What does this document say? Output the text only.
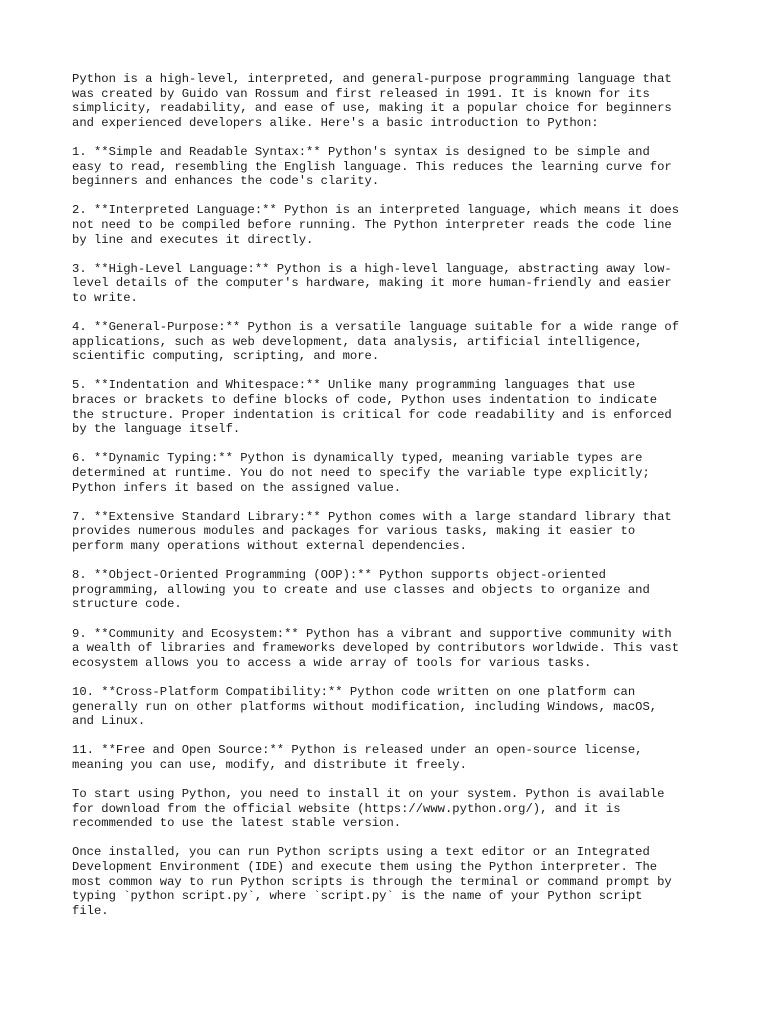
Python is a high-level, interpreted, and general-purpose programming language that
was created by Guido van Rossum and first released in 1991. It is known for its
simplicity, readability, and ease of use, making it a popular choice for beginners
and experienced developers alike. Here's a basic introduction to Python:

1. **Simple and Readable Syntax:** Python's syntax is designed to be simple and
easy to read, resembling the English language. This reduces the learning curve for
beginners and enhances the code's clarity.

2. **Interpreted Language:** Python is an interpreted language, which means it does
not need to be compiled before running. The Python interpreter reads the code line
by line and executes it directly.

3. **High-Level Language:** Python is a high-level language, abstracting away low-
level details of the computer's hardware, making it more human-friendly and easier
to write.

4. **General-Purpose:** Python is a versatile language suitable for a wide range of
applications, such as web development, data analysis, artificial intelligence,
scientific computing, scripting, and more.

5. **Indentation and Whitespace:** Unlike many programming languages that use
braces or brackets to define blocks of code, Python uses indentation to indicate
the structure. Proper indentation is critical for code readability and is enforced
by the language itself.

6. **Dynamic Typing:** Python is dynamically typed, meaning variable types are
determined at runtime. You do not need to specify the variable type explicitly;
Python infers it based on the assigned value.

7. **Extensive Standard Library:** Python comes with a large standard library that
provides numerous modules and packages for various tasks, making it easier to
perform many operations without external dependencies.

8. **Object-Oriented Programming (OOP):** Python supports object-oriented
programming, allowing you to create and use classes and objects to organize and
structure code.

9. **Community and Ecosystem:** Python has a vibrant and supportive community with
a wealth of libraries and frameworks developed by contributors worldwide. This vast
ecosystem allows you to access a wide array of tools for various tasks.

10. **Cross-Platform Compatibility:** Python code written on one platform can
generally run on other platforms without modification, including Windows, macOS,
and Linux.

11. **Free and Open Source:** Python is released under an open-source license,
meaning you can use, modify, and distribute it freely.

To start using Python, you need to install it on your system. Python is available
for download from the official website (https://www.python.org/), and it is
recommended to use the latest stable version.

Once installed, you can run Python scripts using a text editor or an Integrated
Development Environment (IDE) and execute them using the Python interpreter. The
most common way to run Python scripts is through the terminal or command prompt by
typing `python script.py`, where `script.py` is the name of your Python script
file.
